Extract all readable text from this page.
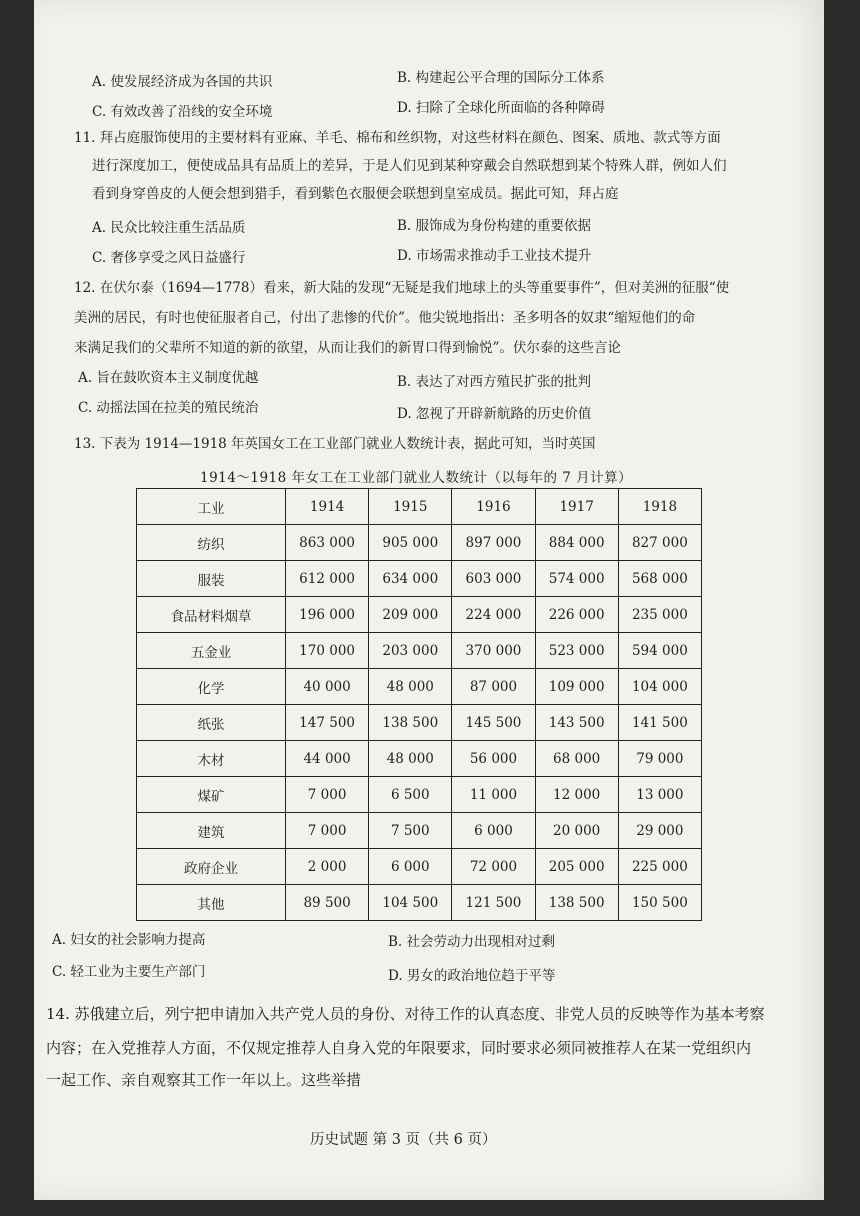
A. 使发展经济成为各国的共识	B. 构建起公平合理的国际分工体系
C. 有效改善了沿线的安全环境	D. 扫除了全球化所面临的各种障碍
11. 拜占庭服饰使用的主要材料有亚麻、羊毛、棉布和丝织物，对这些材料在颜色、图案、质地、款式等方面
进行深度加工，便使成品具有品质上的差异，于是人们见到某种穿戴会自然联想到某个特殊人群，例如人们
看到身穿兽皮的人便会想到猎手，看到紫色衣服便会联想到皇室成员。据此可知，拜占庭
A. 民众比较注重生活品质	B. 服饰成为身份构建的重要依据
C. 奢侈享受之风日益盛行	D. 市场需求推动手工业技术提升
12. 在伏尔泰（1694—1778）看来，新大陆的发现“无疑是我们地球上的头等重要事件”，但对美洲的征服“使
美洲的居民，有时也使征服者自己，付出了悲惨的代价”。他尖锐地指出：圣多明各的奴隶“缩短他们的命
来满足我们的父辈所不知道的新的欲望，从而让我们的新胃口得到愉悦”。伏尔泰的这些言论
A. 旨在鼓吹资本主义制度优越	B. 表达了对西方殖民扩张的批判
C. 动摇法国在拉美的殖民统治	D. 忽视了开辟新航路的历史价值
13. 下表为 1914—1918 年英国女工在工业部门就业人数统计表，据此可知，当时英国
1914～1918 年女工在工业部门就业人数统计（以每年的 7 月计算）
工业	1914	1915	1916	1917	1918
纺织	863 000	905 000	897 000	884 000	827 000
服装	612 000	634 000	603 000	574 000	568 000
食品材料烟草	196 000	209 000	224 000	226 000	235 000
五金业	170 000	203 000	370 000	523 000	594 000
化学	40 000	48 000	87 000	109 000	104 000
纸张	147 500	138 500	145 500	143 500	141 500
木材	44 000	48 000	56 000	68 000	79 000
煤矿	7 000	6 500	11 000	12 000	13 000
建筑	7 000	7 500	6 000	20 000	29 000
政府企业	2 000	6 000	72 000	205 000	225 000
其他	89 500	104 500	121 500	138 500	150 500
A. 妇女的社会影响力提高	B. 社会劳动力出现相对过剩
C. 轻工业为主要生产部门	D. 男女的政治地位趋于平等
14. 苏俄建立后，列宁把申请加入共产党人员的身份、对待工作的认真态度、非党人员的反映等作为基本考察
内容；在入党推荐人方面，不仅规定推荐人自身入党的年限要求，同时要求必须同被推荐人在某一党组织内
一起工作、亲自观察其工作一年以上。这些举措
历史试题 第 3 页（共 6 页）
